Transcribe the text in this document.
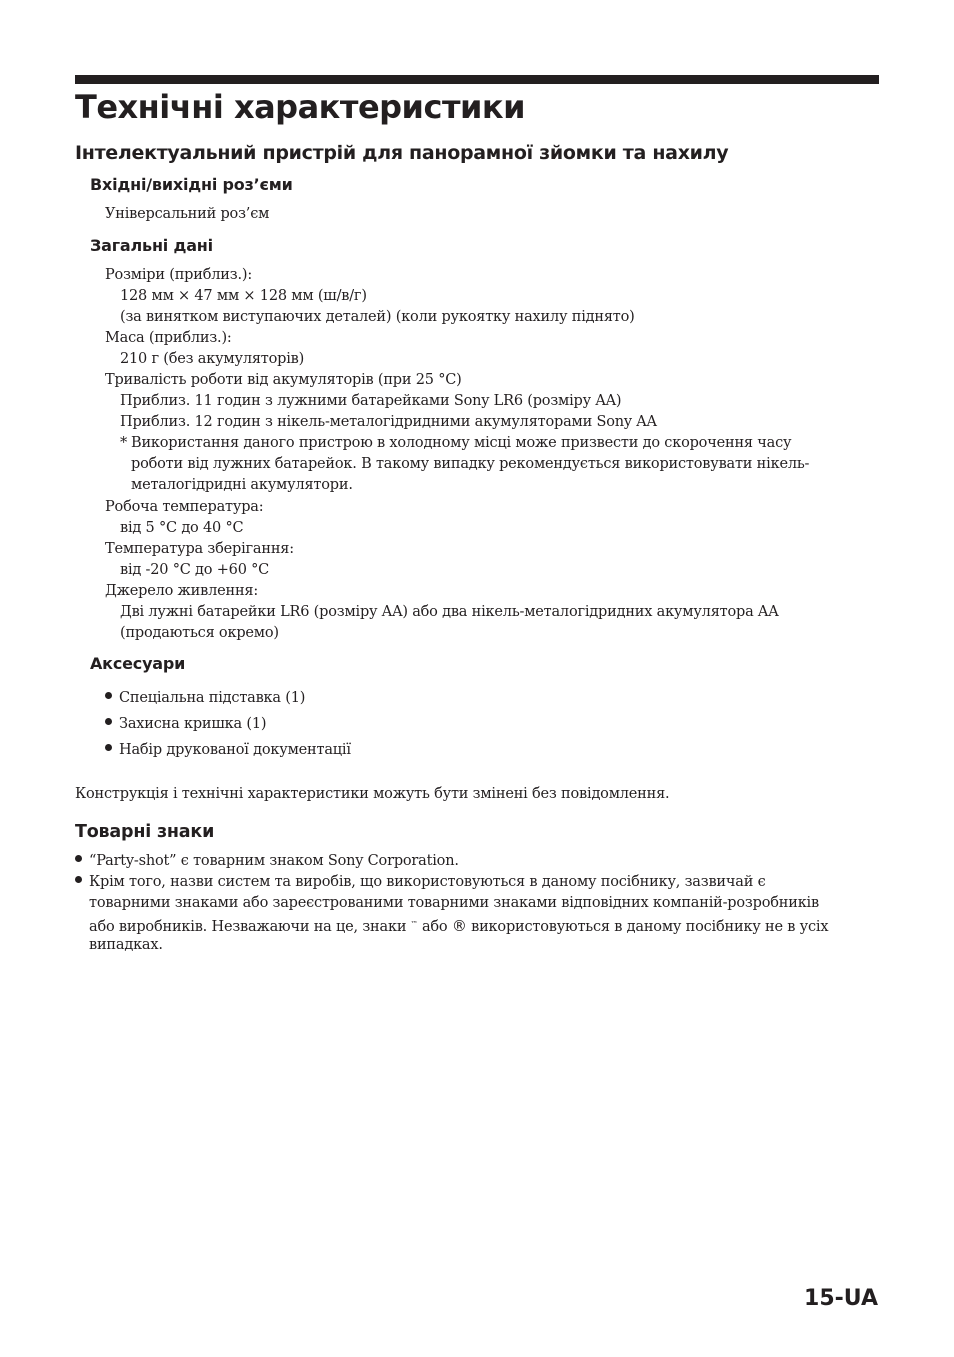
Технічні характеристики
Інтелектуальний пристрій для панорамної зйомки та нахилу
Вхідні/вихідні роз’єми
Універсальний роз’єм
Загальні дані
Розміри (приблиз.):
128 мм × 47 мм × 128 мм (ш/в/г)
(за винятком виступаючих деталей) (коли рукоятку нахилу піднято)
Маса (приблиз.):
210 г (без акумуляторів)
Тривалість роботи від акумуляторів (при 25 °C)
Приблиз. 11 годин з лужними батарейками Sony LR6 (розміру AA)
Приблиз. 12 годин з нікель-металогідридними акумуляторами Sony AA
* Використання даного пристрою в холодному місці може призвести до скорочення часу
роботи від лужних батарейок. В такому випадку рекомендується використовувати нікель-
металогідридні акумулятори.
Робоча температура:
від 5 °C до 40 °C
Температура зберігання:
від -20 °C до +60 °C
Джерело живлення:
Дві лужні батарейки LR6 (розміру AA) або два нікель-металогідридних акумулятора AA
(продаються окремо)
Аксесуари
Спеціальна підставка (1)
Захисна кришка (1)
Набір друкованої документації
Конструкція і технічні характеристики можуть бути змінені без повідомлення.
Товарні знаки
“Party-shot” є товарним знаком Sony Corporation.
Крім того, назви систем та виробів, що використовуються в даному посібнику, зазвичай є
товарними знаками або зареєстрованими товарними знаками відповідних компаній-розробників
або виробників. Незважаючи на це, знаки ™ або ® використовуються в даному посібнику не в усіх
випадках.
15-UA
